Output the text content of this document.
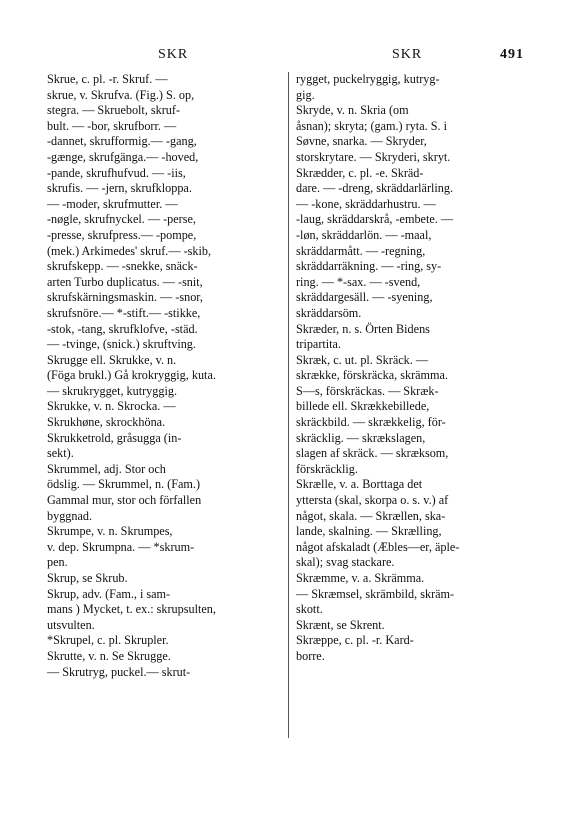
SKR	SKR	491
Skrue, c. pl. -r. Skruf. —
skrue, v. Skrufva. (Fig.) S. op,
stegra. — Skruebolt, skruf-
bult. — -bor, skrufborr. —
-dannet, skrufformig.— -gang,
-gænge, skrufgänga.— -hoved,
-pande, skrufhufvud. — -iis,
skrufis. — -jern, skrufkloppa.
— -moder, skrufmutter. —
-nøgle, skrufnyckel. — -perse,
-presse, skrufpress.— -pompe,
(mek.) Arkimedes' skruf.— -skib,
skrufskepp. — -snekke, snäck-
arten Turbo duplicatus. — -snit,
skrufskärningsmaskin. — -snor,
skrufsnöre.— *-stift.— -stikke,
-stok, -tang, skrufklofve, -städ.
— -tvinge, (snick.) skruftving.
Skrugge ell. Skrukke, v. n.
(Föga brukl.) Gå krokryggig, kuta.
— skrukrygget, kutryggig.
Skrukke, v. n. Skrocka. —
Skrukhøne, skrockhöna.
Skrukketrold, gråsugga (in-
sekt).
Skrummel, adj. Stor och
ödslig. — Skrummel, n. (Fam.)
Gammal mur, stor och förfallen
byggnad.
Skrumpe, v. n. Skrumpes,
v. dep. Skrumpna. — *skrum-
pen.
Skrup, se Skrub.
Skrup, adv. (Fam., i sam-
mans ) Mycket, t. ex.: skrupsulten,
utsvulten.
*Skrupel, c. pl. Skrupler.
Skrutte, v. n. Se Skrugge.
— Skrutryg, puckel.— skrut-
rygget, puckelryggig, kutryg-
gig.
Skryde, v. n. Skria (om
åsnan); skryta; (gam.) ryta. S. i
Søvne, snarka. — Skryder,
storskrytare. — Skryderi, skryt.
Skrædder, c. pl. -e. Skräd-
dare. — -dreng, skräddarlärling.
— -kone, skräddarhustru. —
-laug, skräddarskrå, -embete. —
-løn, skräddarlön. — -maal,
skräddarmått. — -regning,
skräddarräkning. — -ring, sy-
ring. — *-sax. — -svend,
skräddargesäll. — -syening,
skräddarsöm.
Skræder, n. s. Örten Bidens
tripartita.
Skræk, c. ut. pl. Skräck. —
skrække, förskräcka, skrämma.
S—s, förskräckas. — Skræk-
billede ell. Skrækkebillede,
skräckbild. — skrækkelig, för-
skräcklig. — skrækslagen,
slagen af skräck. — skræksom,
förskräcklig.
Skrælle, v. a. Borttaga det
yttersta (skal, skorpa o. s. v.) af
något, skala. — Skrællen, ska-
lande, skalning. — Skrælling,
något afskaladt (Æbles—er, äple-
skal); svag stackare.
Skræmme, v. a. Skrämma.
— Skræmsel, skrämbild, skräm-
skott.
Skrænt, se Skrent.
Skræppe, c. pl. -r. Kard-
borre.
